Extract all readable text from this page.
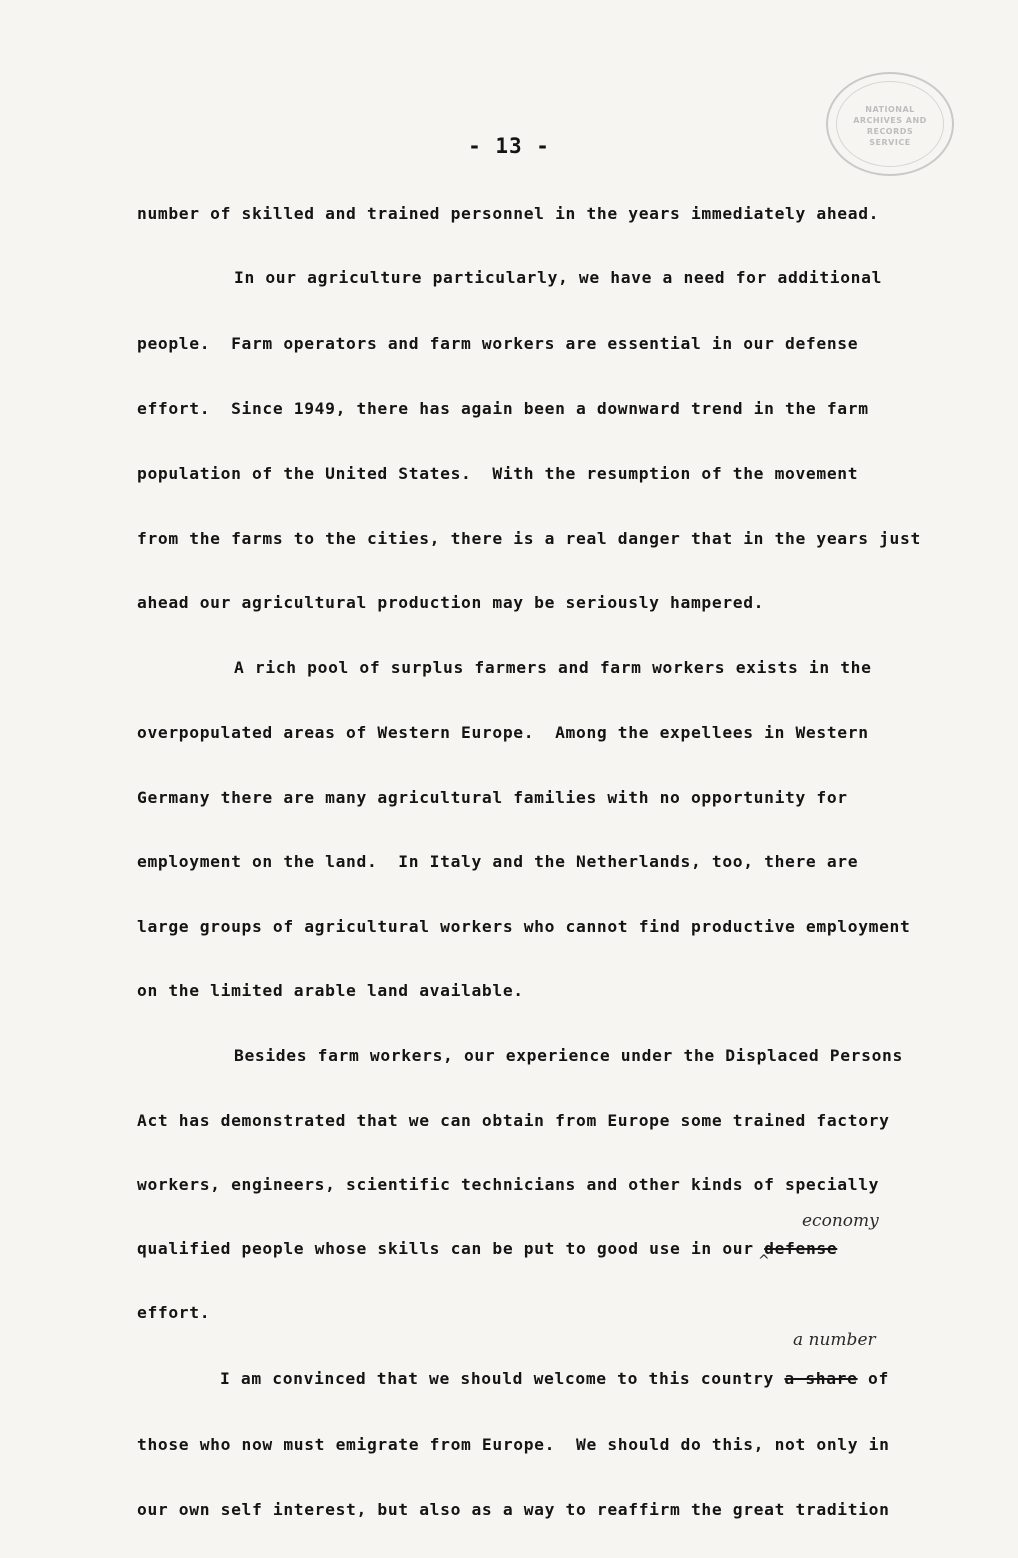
NATIONAL
ARCHIVES AND
RECORDS
SERVICE
- 13 -
number of skilled and trained personnel in the years immediately ahead.
In our agriculture particularly, we have a need for additional
people.  Farm operators and farm workers are essential in our defense
effort.  Since 1949, there has again been a downward trend in the farm
population of the United States.  With the resumption of the movement
from the farms to the cities, there is a real danger that in the years just
ahead our agricultural production may be seriously hampered.
A rich pool of surplus farmers and farm workers exists in the
overpopulated areas of Western Europe.  Among the expellees in Western
Germany there are many agricultural families with no opportunity for
employment on the land.  In Italy and the Netherlands, too, there are
large groups of agricultural workers who cannot find productive employment
on the limited arable land available.
Besides farm workers, our experience under the Displaced Persons
Act has demonstrated that we can obtain from Europe some trained factory
workers, engineers, scientific technicians and other kinds of specially
qualified people whose skills can be put to good use in our defense
economy
^
effort.
a number
I am convinced that we should welcome to this country a share of
those who now must emigrate from Europe.  We should do this, not only in
our own self interest, but also as a way to reaffirm the great tradition
